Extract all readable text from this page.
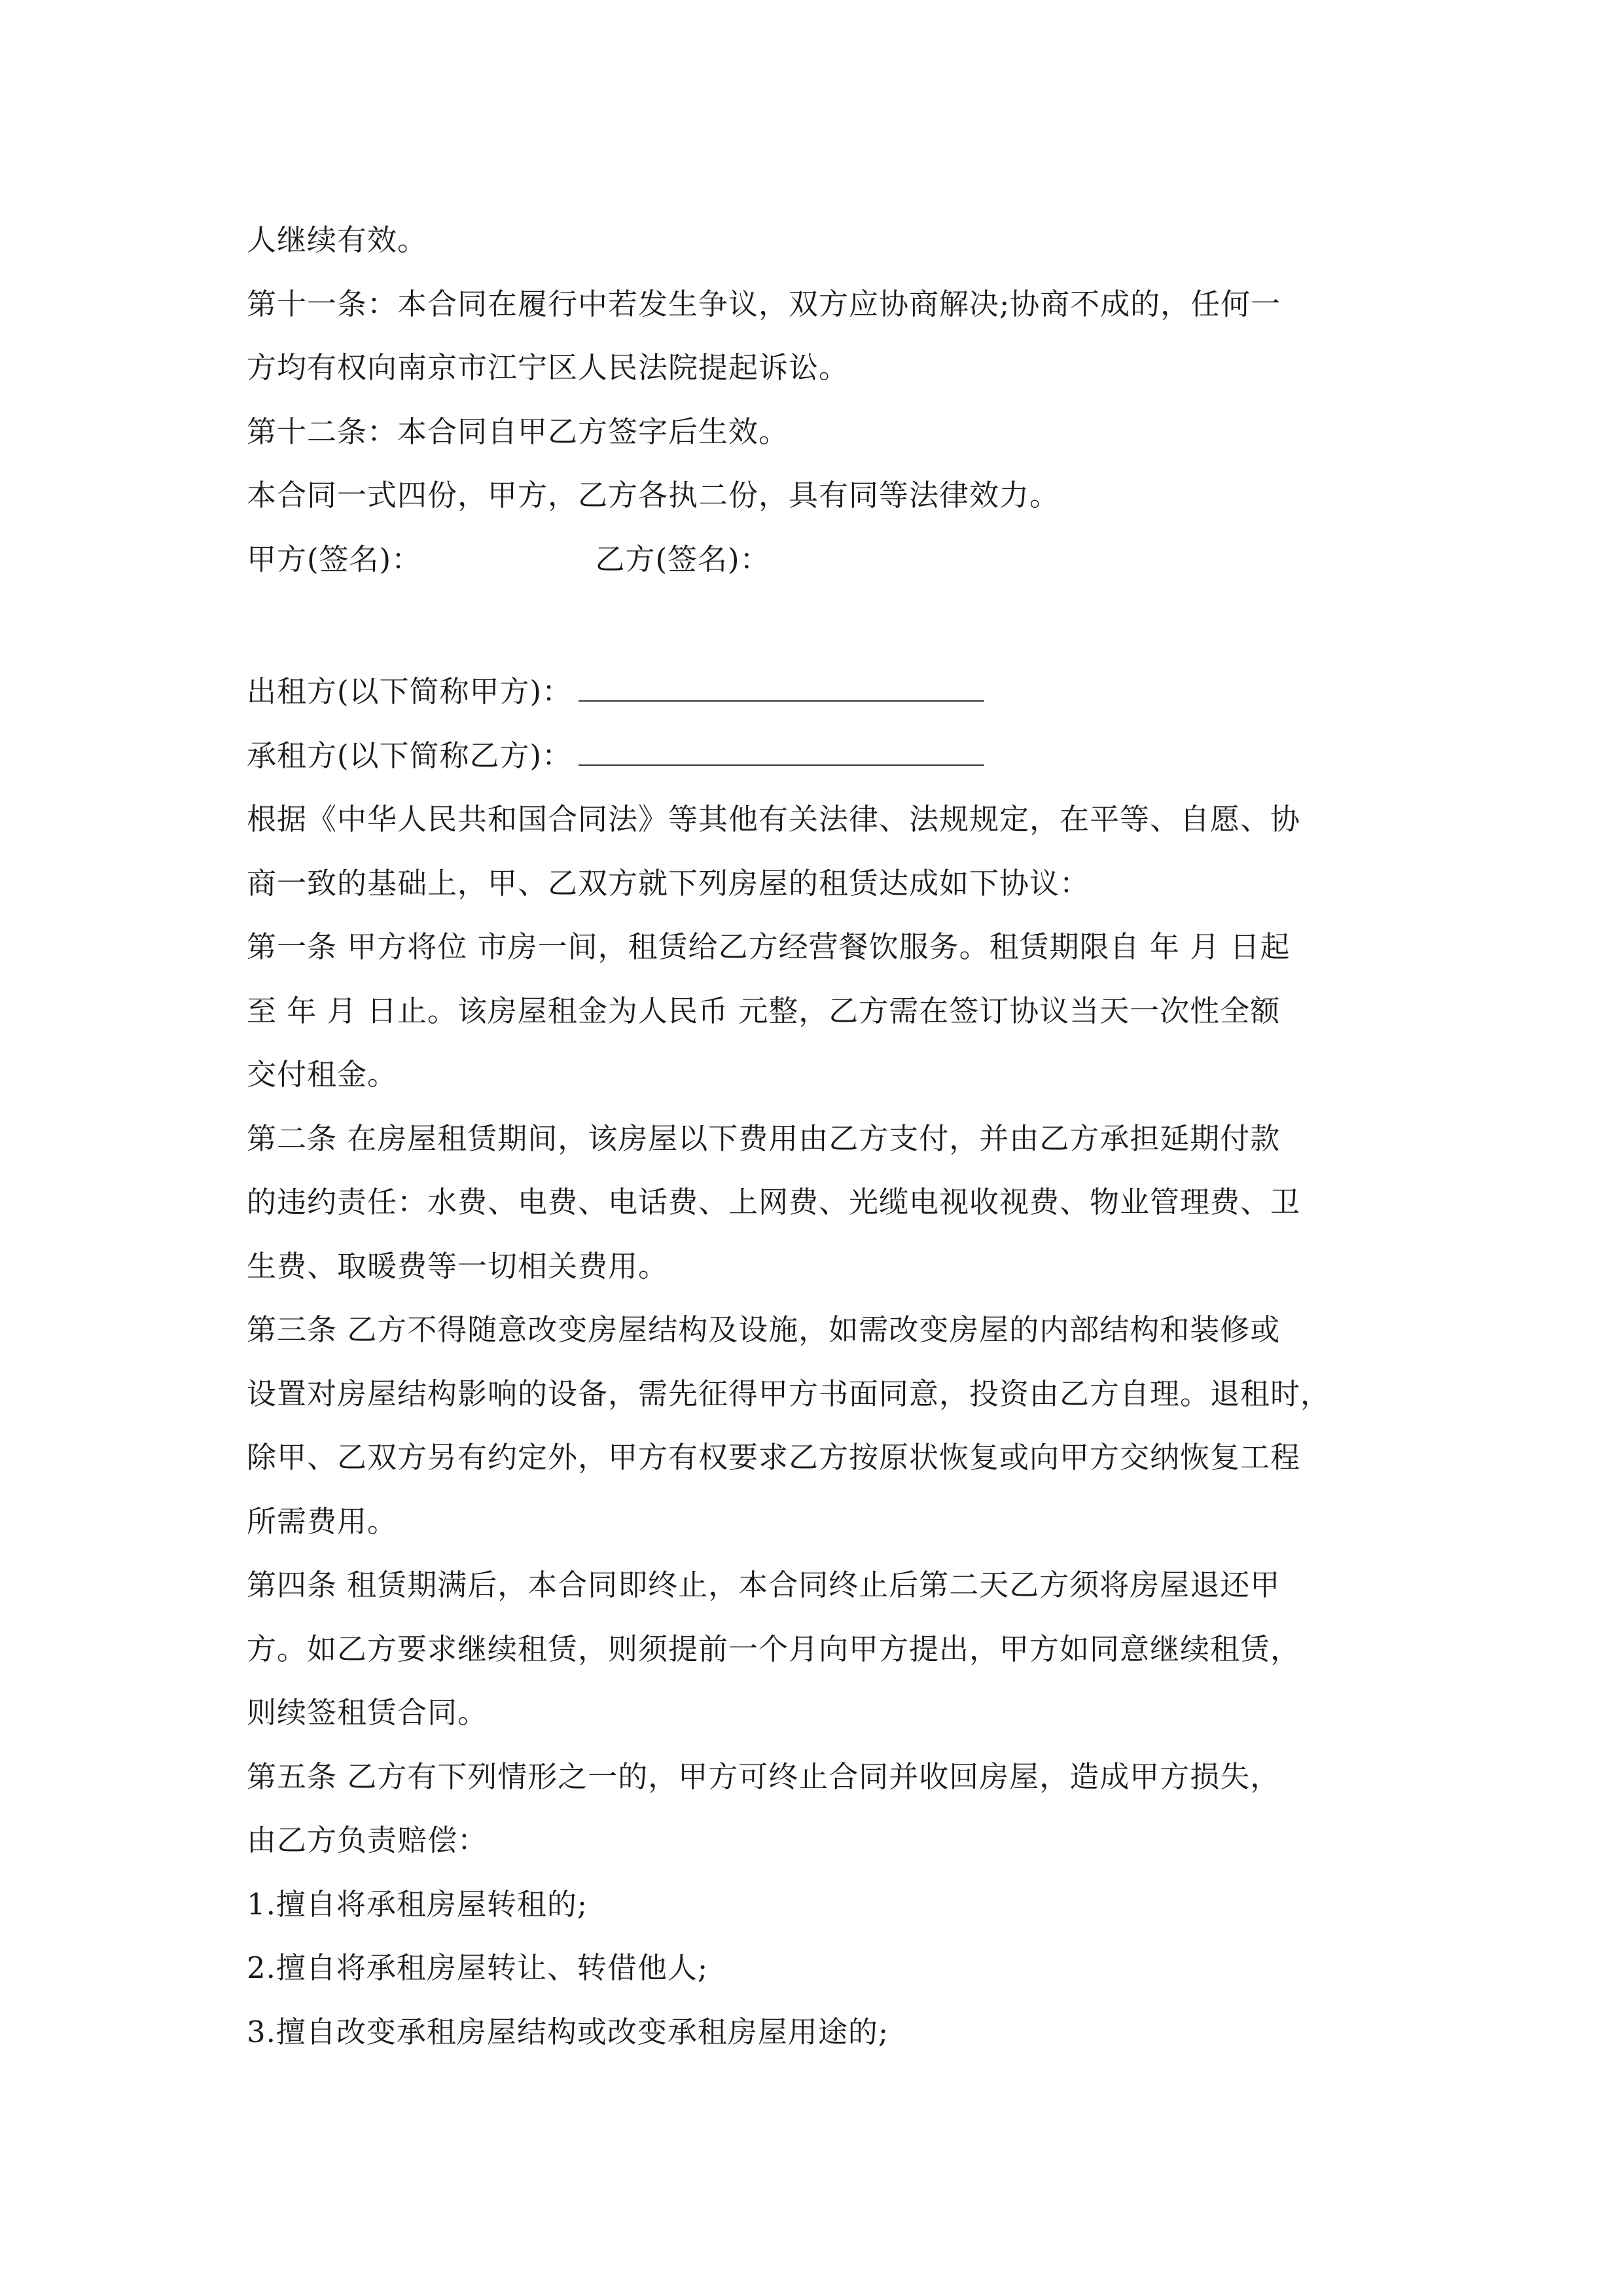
人继续有效。
第十一条：本合同在履行中若发生争议，双方应协商解决;协商不成的，任何一
方均有权向南京市江宁区人民法院提起诉讼。
第十二条：本合同自甲乙方签字后生效。
本合同一式四份，甲方，乙方各执二份，具有同等法律效力。
甲方(签名)：	乙方(签名)：
出租方(以下简称甲方)：
承租方(以下简称乙方)：
根据《中华人民共和国合同法》等其他有关法律、法规规定，在平等、自愿、协
商一致的基础上，甲、乙双方就下列房屋的租赁达成如下协议：
第一条 甲方将位 市房一间，租赁给乙方经营餐饮服务。租赁期限自 年 月 日起
至 年 月 日止。该房屋租金为人民币 元整，乙方需在签订协议当天一次性全额
交付租金。
第二条 在房屋租赁期间，该房屋以下费用由乙方支付，并由乙方承担延期付款
的违约责任：水费、电费、电话费、上网费、光缆电视收视费、物业管理费、卫
生费、取暖费等一切相关费用。
第三条 乙方不得随意改变房屋结构及设施，如需改变房屋的内部结构和装修或
设置对房屋结构影响的设备，需先征得甲方书面同意，投资由乙方自理。退租时，
除甲、乙双方另有约定外，甲方有权要求乙方按原状恢复或向甲方交纳恢复工程
所需费用。
第四条 租赁期满后，本合同即终止，本合同终止后第二天乙方须将房屋退还甲
方。如乙方要求继续租赁，则须提前一个月向甲方提出，甲方如同意继续租赁，
则续签租赁合同。
第五条 乙方有下列情形之一的，甲方可终止合同并收回房屋，造成甲方损失，
由乙方负责赔偿：
1.擅自将承租房屋转租的;
2.擅自将承租房屋转让、转借他人;
3.擅自改变承租房屋结构或改变承租房屋用途的;
